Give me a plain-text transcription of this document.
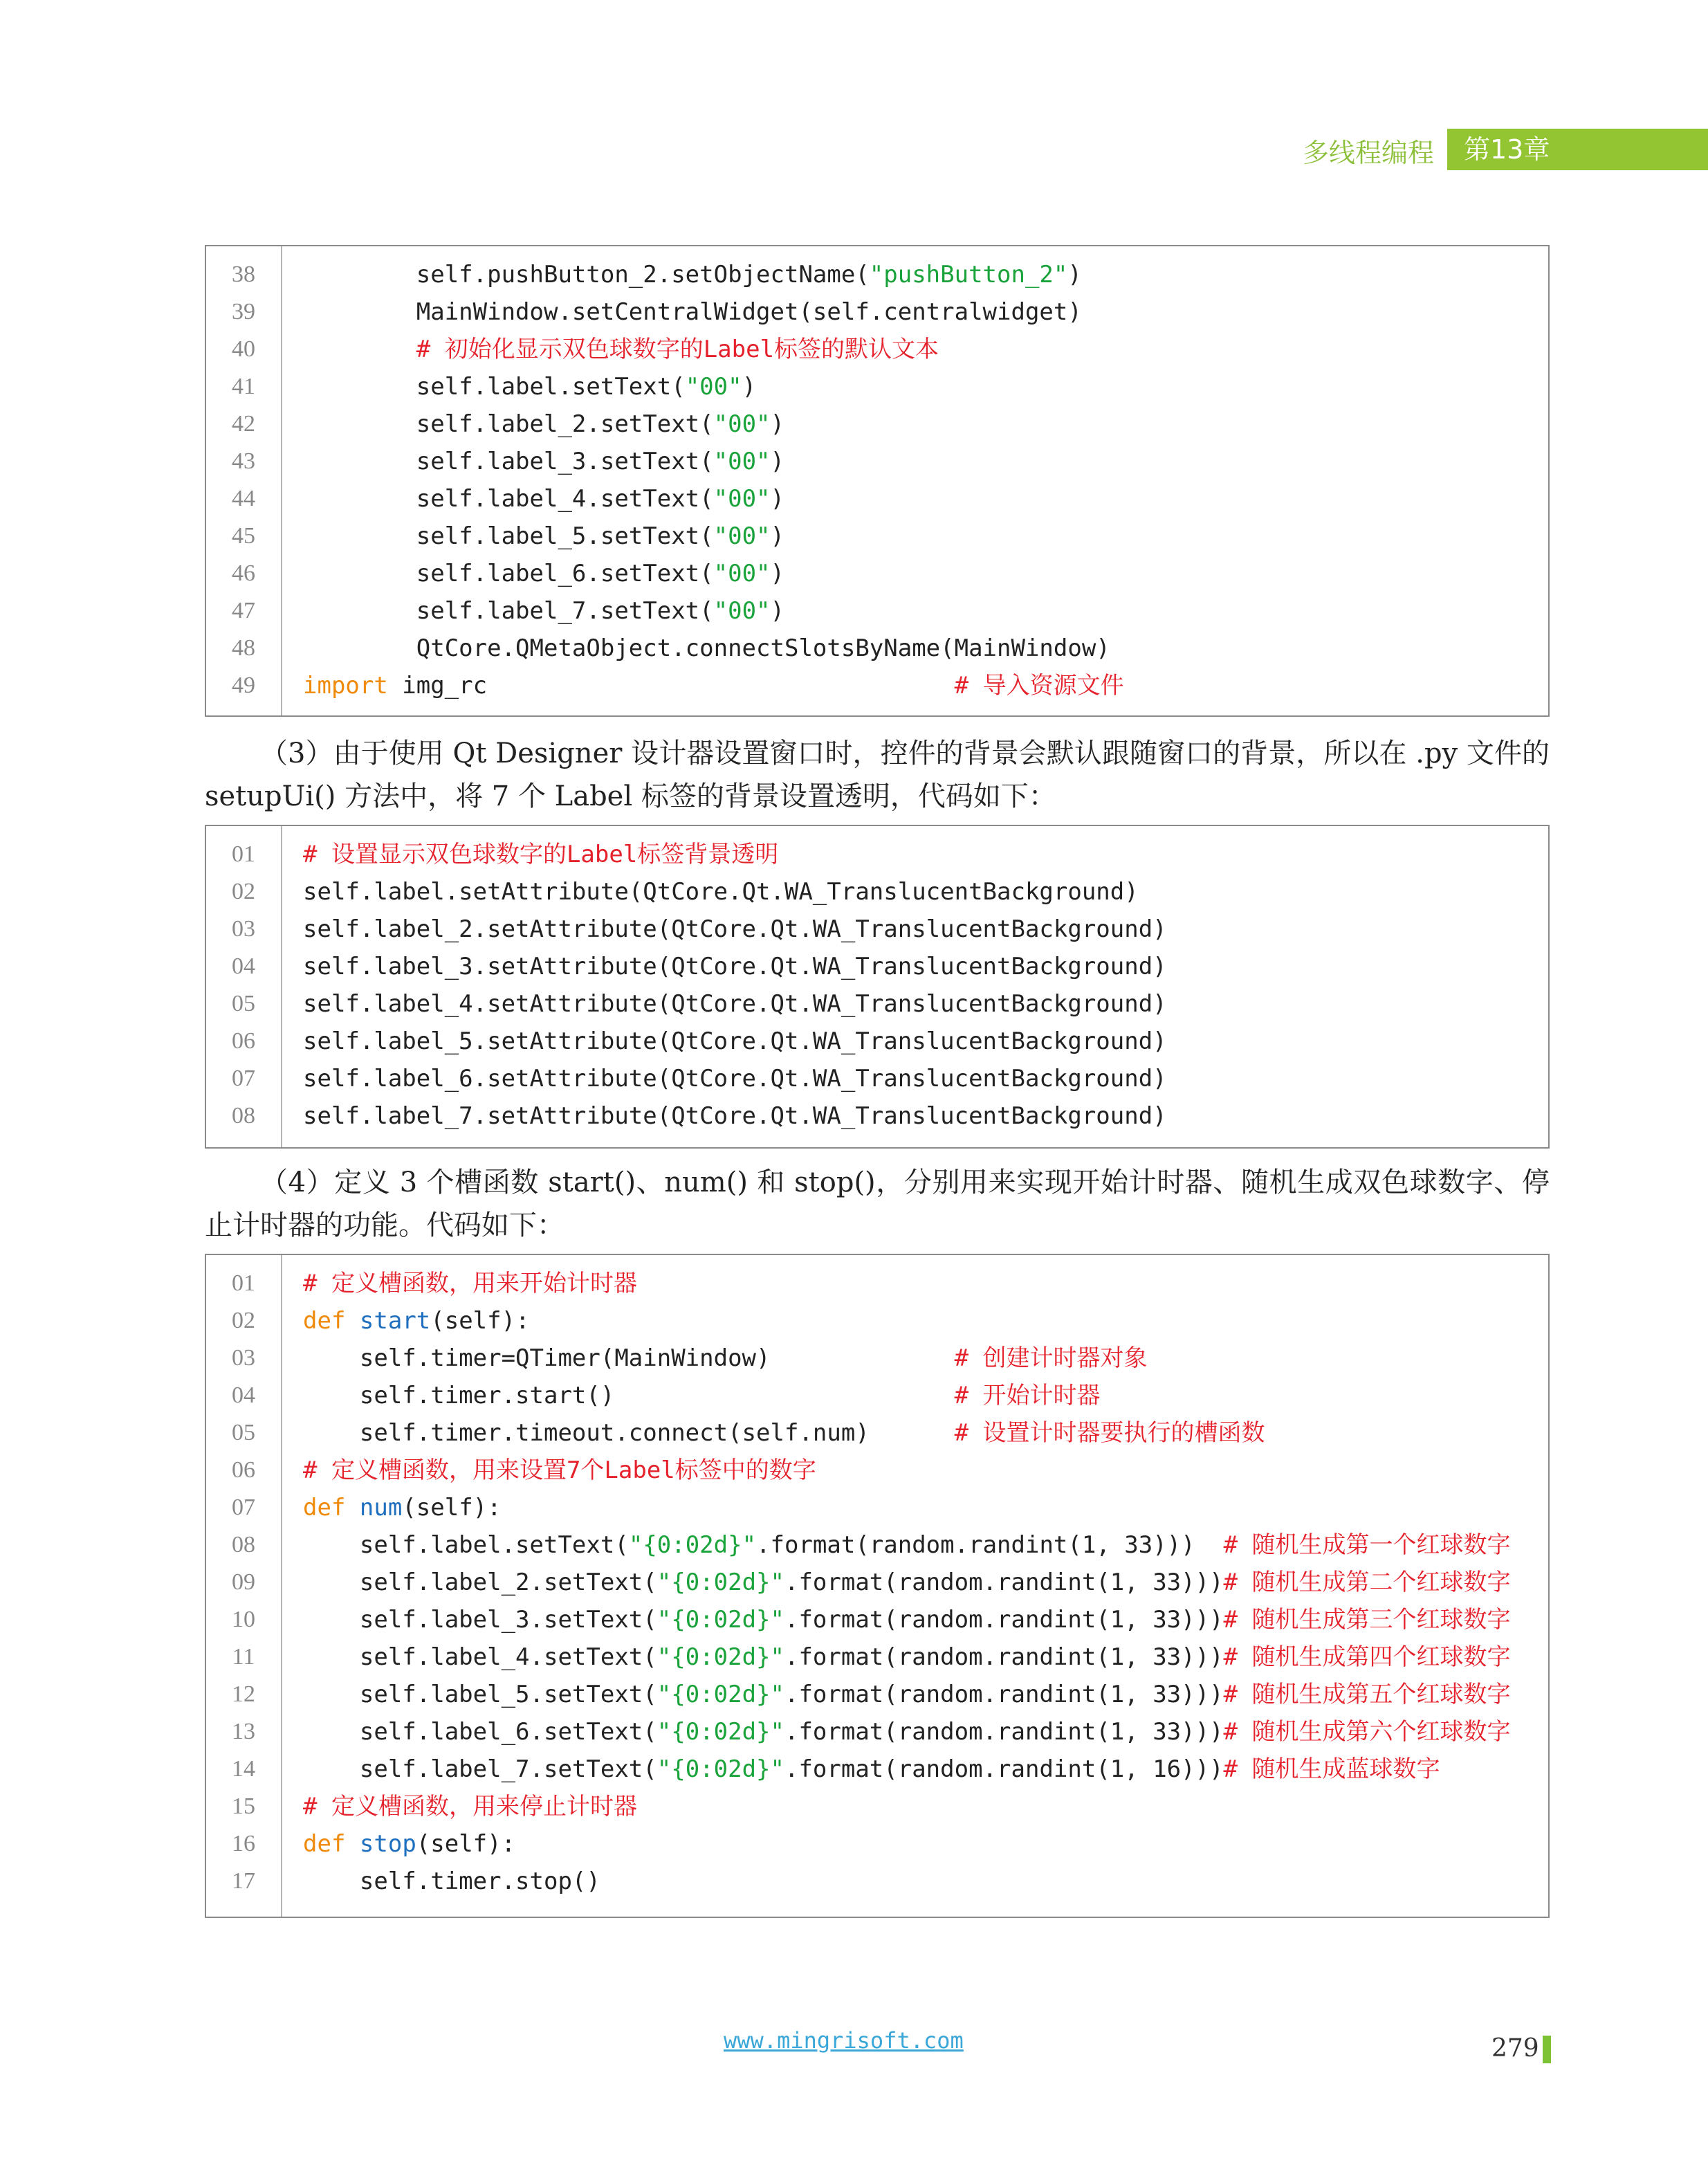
多线程编程	第13章
38	self.pushButton_2.setObjectName("pushButton_2")
39	MainWindow.setCentralWidget(self.centralwidget)
40	# 初始化显示双色球数字的Label标签的默认文本
41	self.label.setText("00")
42	self.label_2.setText("00")
43	self.label_3.setText("00")
44	self.label_4.setText("00")
45	self.label_5.setText("00")
46	self.label_6.setText("00")
47	self.label_7.setText("00")
48	QtCore.QMetaObject.connectSlotsByName(MainWindow)
49	import img_rc                                 # 导入资源文件
（3）由于使用 Qt Designer 设计器设置窗口时，控件的背景会默认跟随窗口的背景，所以在 .py 文件的 setupUi() 方法中，将 7 个 Label 标签的背景设置透明，代码如下：
01	# 设置显示双色球数字的Label标签背景透明
02	self.label.setAttribute(QtCore.Qt.WA_TranslucentBackground)
03	self.label_2.setAttribute(QtCore.Qt.WA_TranslucentBackground)
04	self.label_3.setAttribute(QtCore.Qt.WA_TranslucentBackground)
05	self.label_4.setAttribute(QtCore.Qt.WA_TranslucentBackground)
06	self.label_5.setAttribute(QtCore.Qt.WA_TranslucentBackground)
07	self.label_6.setAttribute(QtCore.Qt.WA_TranslucentBackground)
08	self.label_7.setAttribute(QtCore.Qt.WA_TranslucentBackground)
（4）定义 3 个槽函数 start()、num() 和 stop()，分别用来实现开始计时器、随机生成双色球数字、停止计时器的功能。代码如下：
01	# 定义槽函数，用来开始计时器
02	def start(self):
03	self.timer=QTimer(MainWindow)             # 创建计时器对象
04	self.timer.start()                        # 开始计时器
05	self.timer.timeout.connect(self.num)      # 设置计时器要执行的槽函数
06	# 定义槽函数，用来设置7个Label标签中的数字
07	def num(self):
08	self.label.setText("{0:02d}".format(random.randint(1, 33)))  # 随机生成第一个红球数字
09	self.label_2.setText("{0:02d}".format(random.randint(1, 33)))# 随机生成第二个红球数字
10	self.label_3.setText("{0:02d}".format(random.randint(1, 33)))# 随机生成第三个红球数字
11	self.label_4.setText("{0:02d}".format(random.randint(1, 33)))# 随机生成第四个红球数字
12	self.label_5.setText("{0:02d}".format(random.randint(1, 33)))# 随机生成第五个红球数字
13	self.label_6.setText("{0:02d}".format(random.randint(1, 33)))# 随机生成第六个红球数字
14	self.label_7.setText("{0:02d}".format(random.randint(1, 16)))# 随机生成蓝球数字
15	# 定义槽函数，用来停止计时器
16	def stop(self):
17	self.timer.stop()
www.mingrisoft.com	279
